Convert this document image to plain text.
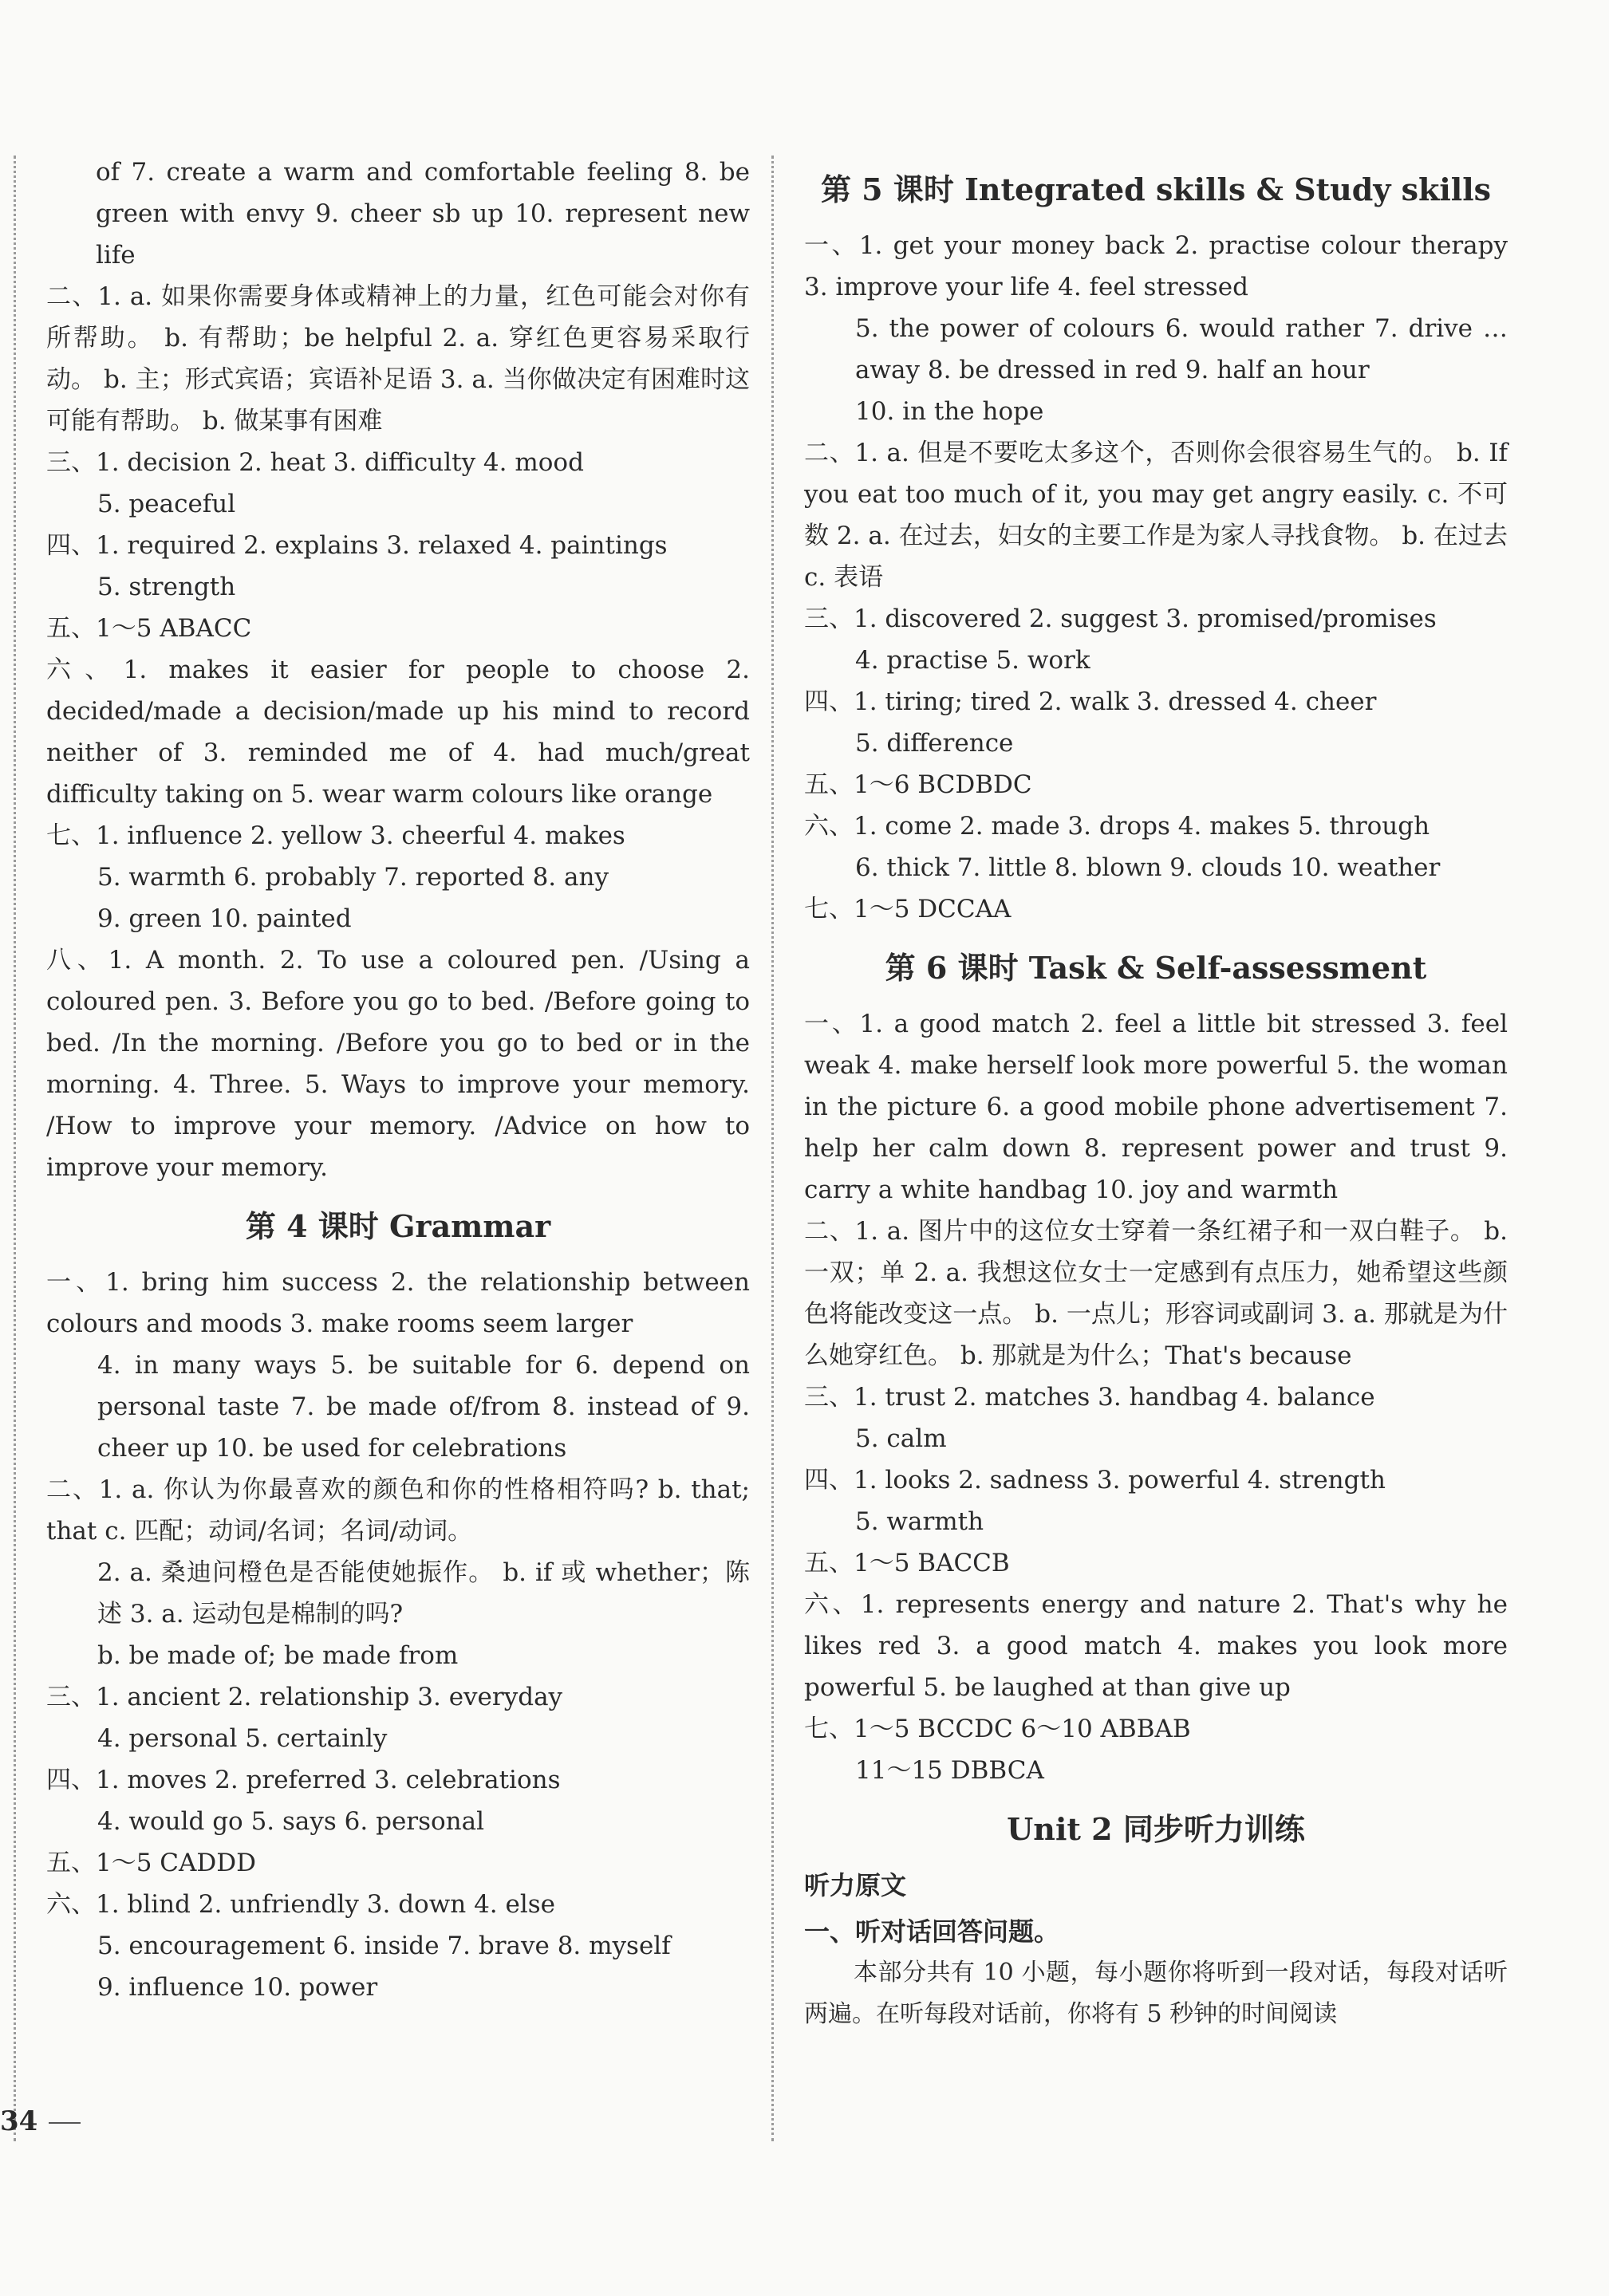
of 7. create a warm and comfortable feeling 8. be green with envy 9. cheer sb up 10. represent new life

二、1. a. 如果你需要身体或精神上的力量，红色可能会对你有所帮助。 b. 有帮助；be helpful 2. a. 穿红色更容易采取行动。 b. 主；形式宾语；宾语补足语 3. a. 当你做决定有困难时这可能有帮助。 b. 做某事有困难

三、1. decision 2. heat 3. difficulty 4. mood

5. peaceful

四、1. required 2. explains 3. relaxed 4. paintings

5. strength

五、1～5 ABACC

六、1. makes it easier for people to choose 2. decided/made a decision/made up his mind to record neither of 3. reminded me of 4. had much/great difficulty taking on 5. wear warm colours like orange

七、1. influence 2. yellow 3. cheerful 4. makes

5. warmth 6. probably 7. reported 8. any

9. green 10. painted

八、1. A month. 2. To use a coloured pen. /Using a coloured pen. 3. Before you go to bed. /Before going to bed. /In the morning. /Before you go to bed or in the morning. 4. Three. 5. Ways to improve your memory. /How to improve your memory. /Advice on how to improve your memory.

第 4 课时 Grammar

一、1. bring him success 2. the relationship between colours and moods 3. make rooms seem larger

4. in many ways 5. be suitable for 6. depend on personal taste 7. be made of/from 8. instead of 9. cheer up 10. be used for celebrations

二、1. a. 你认为你最喜欢的颜色和你的性格相符吗? b. that; that c. 匹配；动词/名词；名词/动词。

2. a. 桑迪问橙色是否能使她振作。 b. if 或 whether；陈述 3. a. 运动包是棉制的吗?

b. be made of; be made from

三、1. ancient 2. relationship 3. everyday

4. personal 5. certainly

四、1. moves 2. preferred 3. celebrations

4. would go 5. says 6. personal

五、1～5 CADDD

六、1. blind 2. unfriendly 3. down 4. else

5. encouragement 6. inside 7. brave 8. myself

9. influence 10. power

第 5 课时 Integrated skills & Study skills

一、1. get your money back 2. practise colour therapy 3. improve your life 4. feel stressed

5. the power of colours 6. would rather 7. drive … away 8. be dressed in red 9. half an hour

10. in the hope

二、1. a. 但是不要吃太多这个，否则你会很容易生气的。 b. If you eat too much of it, you may get angry easily. c. 不可数 2. a. 在过去，妇女的主要工作是为家人寻找食物。 b. 在过去 c. 表语

三、1. discovered 2. suggest 3. promised/promises

4. practise 5. work

四、1. tiring; tired 2. walk 3. dressed 4. cheer

5. difference

五、1～6 BCDBDC

六、1. come 2. made 3. drops 4. makes 5. through

6. thick 7. little 8. blown 9. clouds 10. weather

七、1～5 DCCAA

第 6 课时 Task & Self-assessment

一、1. a good match 2. feel a little bit stressed 3. feel weak 4. make herself look more powerful 5. the woman in the picture 6. a good mobile phone advertisement 7. help her calm down 8. represent power and trust 9. carry a white handbag 10. joy and warmth

二、1. a. 图片中的这位女士穿着一条红裙子和一双白鞋子。 b. 一双；单 2. a. 我想这位女士一定感到有点压力，她希望这些颜色将能改变这一点。 b. 一点儿；形容词或副词 3. a. 那就是为什么她穿红色。 b. 那就是为什么；That's because

三、1. trust 2. matches 3. handbag 4. balance

5. calm

四、1. looks 2. sadness 3. powerful 4. strength

5. warmth

五、1～5 BACCB

六、1. represents energy and nature 2. That's why he likes red 3. a good match 4. makes you look more powerful 5. be laughed at than give up

七、1～5 BCCDC 6～10 ABBAB

11～15 DBBCA

Unit 2 同步听力训练
听力原文
一、听对话回答问题。

本部分共有 10 小题，每小题你将听到一段对话，每段对话听两遍。在听每段对话前，你将有 5 秒钟的时间阅读

34
